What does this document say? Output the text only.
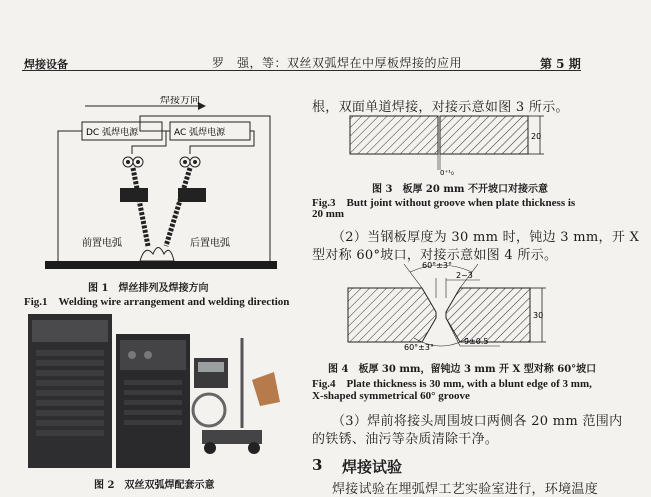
焊接设备	罗　强，等：双丝双弧焊在中厚板焊接的应用	第 5 期
焊接方向
DC 弧焊电源	AC 弧焊电源
前置电弧	后置电弧
图 1　焊丝排列及焊接方向
Fig.1　Welding wire arrangement and welding direction
图 2　双丝双弧焊配套示意
根，双面单道焊接，对接示意如图 3 所示。
20
0⁺¹₀
图 3　板厚 20 mm 不开坡口对接示意
Fig.3　Butt joint without groove when plate thickness is
20 mm
（2）当钢板厚度为 30 mm 时，钝边 3 mm，开 X
型对称 60°坡口，对接示意如图 4 所示。
60°±3°
2~3
30
60°±3°
9±0.5
图 4　板厚 30 mm，留钝边 3 mm 开 X 型对称 60°坡口
Fig.4　Plate thickness is 30 mm, with a blunt edge of 3 mm,
X-shaped symmetrical 60° groove
（3）焊前将接头周围坡口两侧各 20 mm 范围内
的铁锈、油污等杂质清除干净。
3 焊接试验
焊接试验在埋弧焊工艺实验室进行，环境温度
